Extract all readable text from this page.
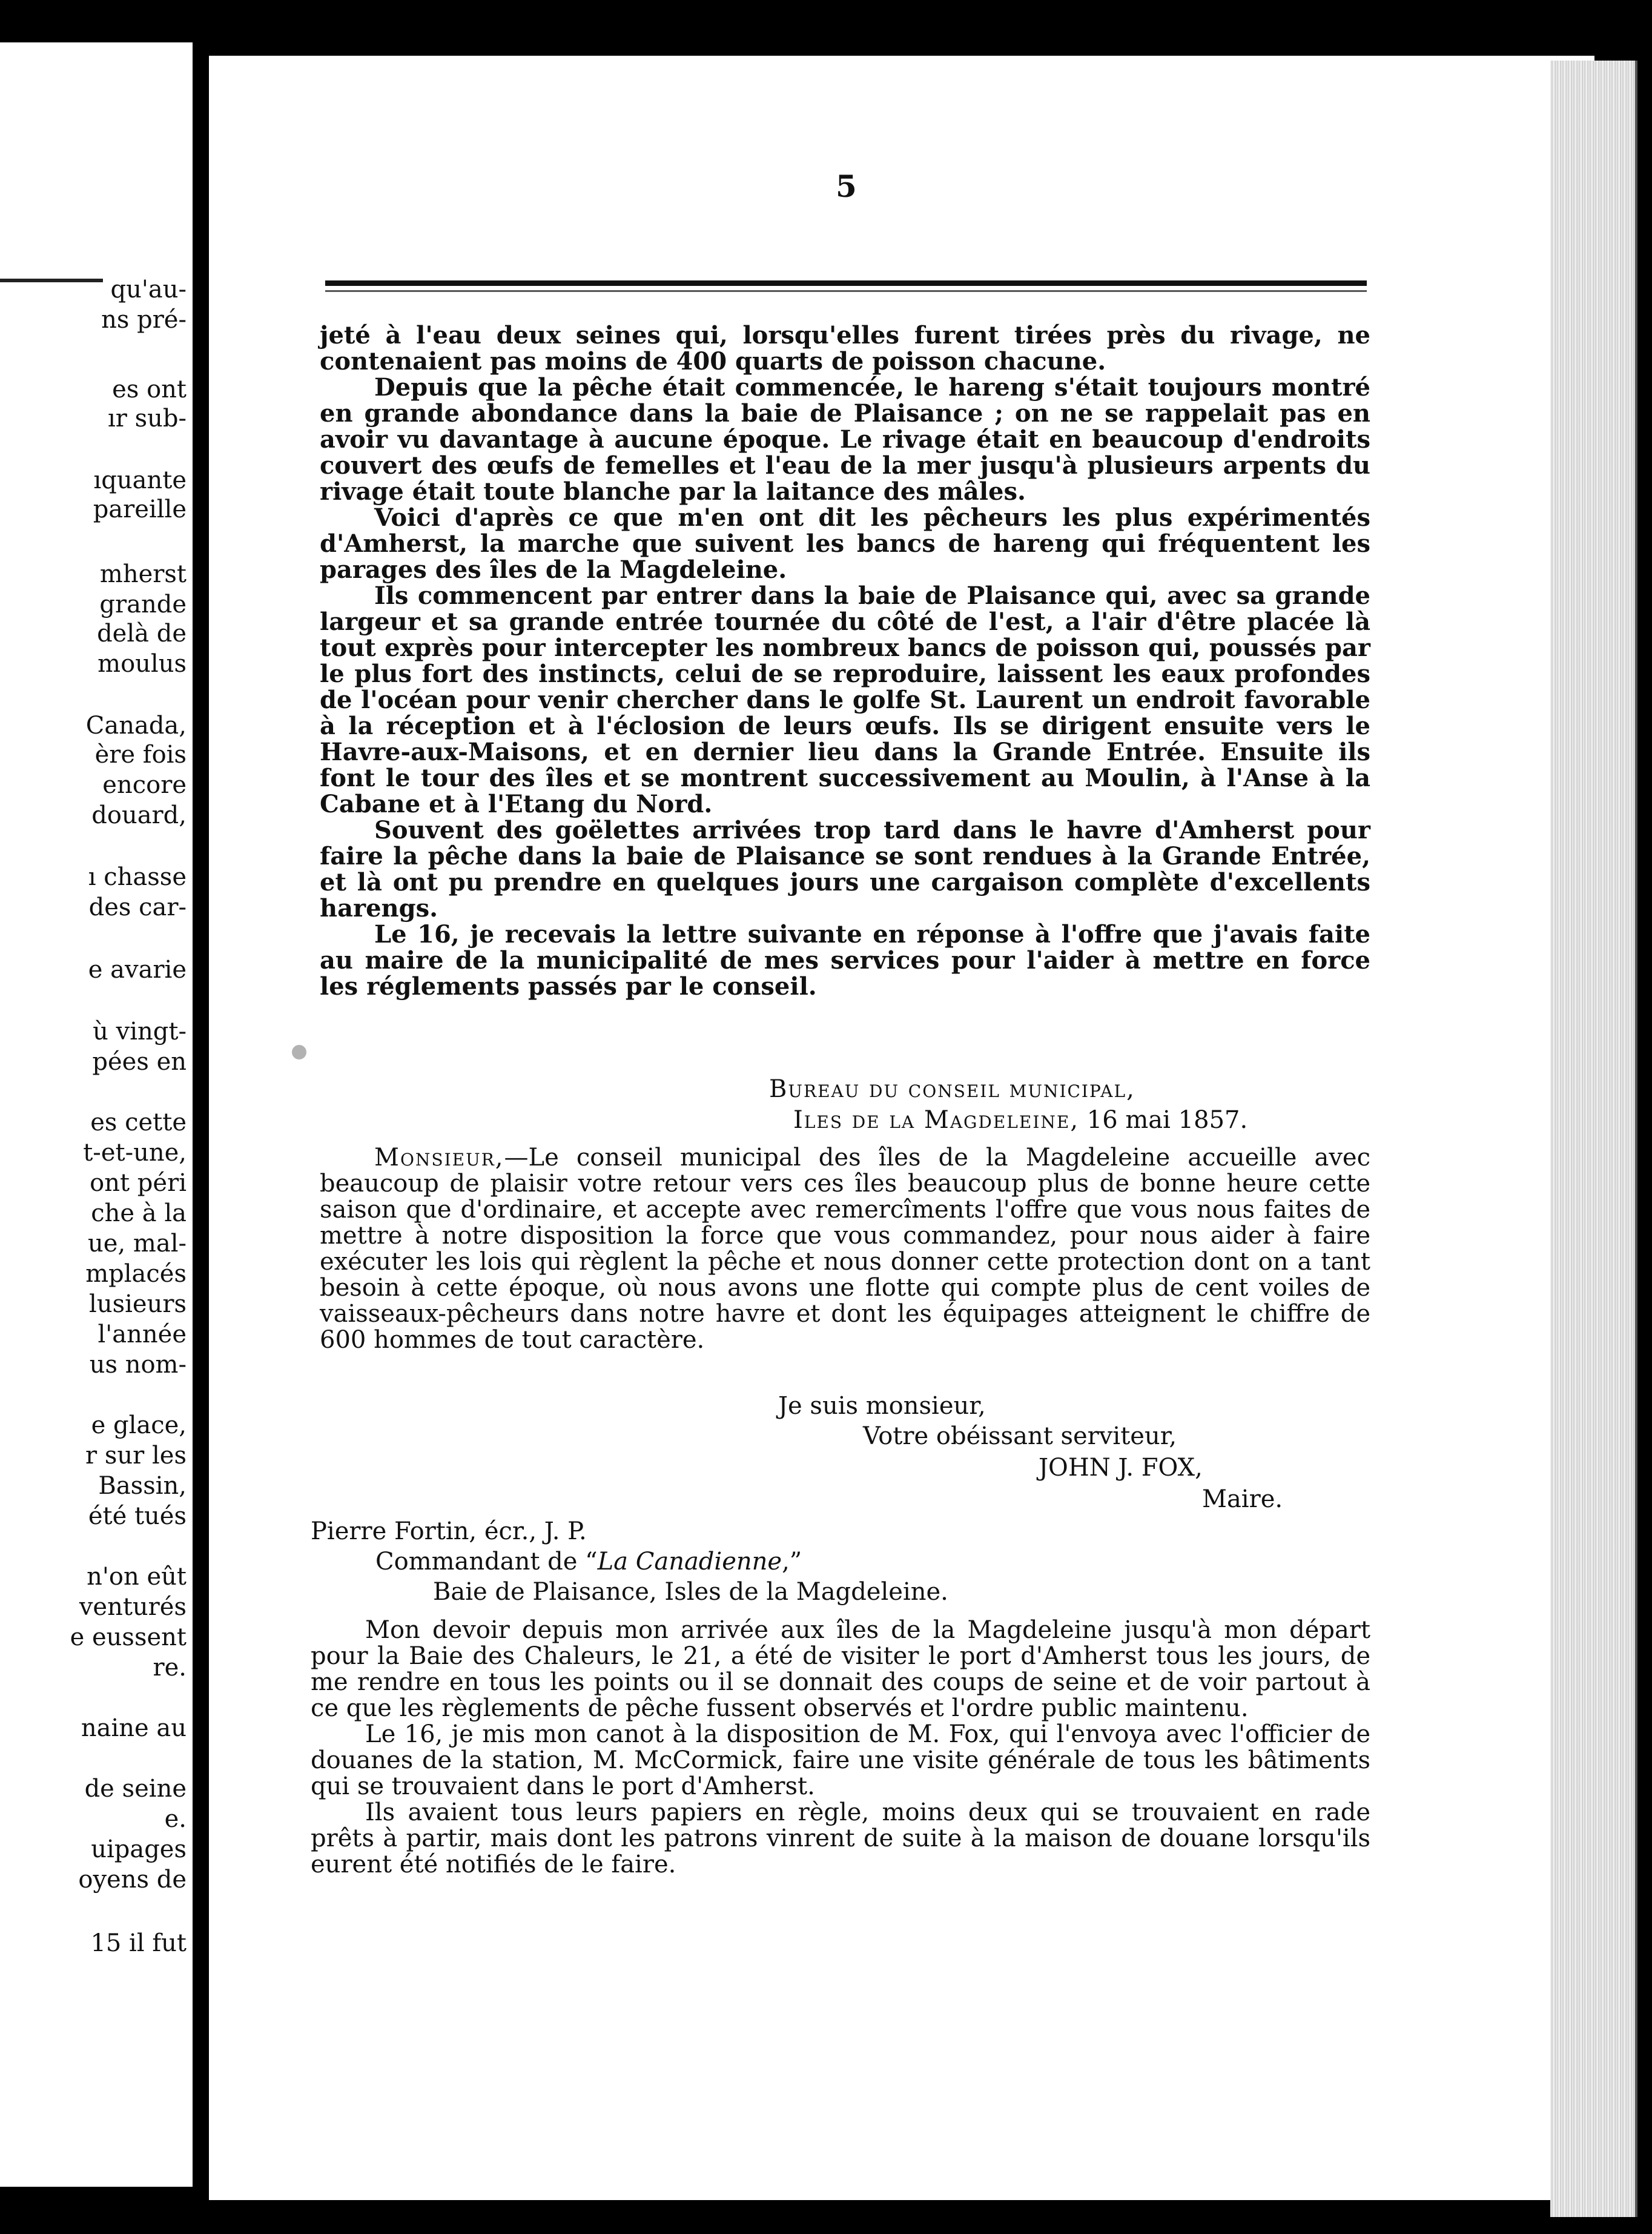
qu'au-
ns pré-
es ont
ır sub-
ıquante
pareille
mherst
grande
delà de
moulus
Canada,
ère fois
encore
douard,
ı chasse
des car-
e avarie
ù vingt-
pées en
es cette
t-et-une,
ont péri
che à la
ue, mal-
mplacés
lusieurs
l'année
us nom-
e glace,
r sur les
Bassin,
été tués
n'on eût
venturés
e eussent
re.
naine au
de seine
e.
uipages
oyens de
15 il fut
5

jeté à l'eau deux seines qui, lorsqu'elles furent tirées près du rivage, ne contenaient pas moins de 400 quarts de poisson chacune.

Depuis que la pêche était commencée, le hareng s'était toujours montré en grande abondance dans la baie de Plaisance ; on ne se rappelait pas en avoir vu davantage à aucune époque. Le rivage était en beaucoup d'endroits couvert des œufs de femelles et l'eau de la mer jusqu'à plusieurs arpents du rivage était toute blanche par la laitance des mâles.

Voici d'après ce que m'en ont dit les pêcheurs les plus expérimentés d'Amherst, la marche que suivent les bancs de hareng qui fréquentent les parages des îles de la Magdeleine.

Ils commencent par entrer dans la baie de Plaisance qui, avec sa grande largeur et sa grande entrée tournée du côté de l'est, a l'air d'être placée là tout exprès pour intercepter les nombreux bancs de poisson qui, poussés par le plus fort des instincts, celui de se reproduire, laissent les eaux profondes de l'océan pour venir chercher dans le golfe St. Laurent un endroit favorable à la réception et à l'éclosion de leurs œufs. Ils se dirigent ensuite vers le Havre-aux-Maisons, et en dernier lieu dans la Grande Entrée. Ensuite ils font le tour des îles et se montrent successivement au Moulin, à l'Anse à la Cabane et à l'Etang du Nord.

Souvent des goëlettes arrivées trop tard dans le havre d'Amherst pour faire la pêche dans la baie de Plaisance se sont rendues à la Grande Entrée, et là ont pu prendre en quelques jours une cargaison complète d'excellents harengs.

Le 16, je recevais la lettre suivante en réponse à l'offre que j'avais faite au maire de la municipalité de mes services pour l'aider à mettre en force les réglements passés par le conseil.

Bureau du conseil municipal,
Iles de la Magdeleine, 16 mai 1857.

Monsieur,—Le conseil municipal des îles de la Magdeleine accueille avec beaucoup de plaisir votre retour vers ces îles beaucoup plus de bonne heure cette saison que d'ordinaire, et accepte avec remercîments l'offre que vous nous faites de mettre à notre disposition la force que vous commandez, pour nous aider à faire exécuter les lois qui règlent la pêche et nous donner cette protection dont on a tant besoin à cette époque, où nous avons une flotte qui compte plus de cent voiles de vaisseaux-pêcheurs dans notre havre et dont les équipages atteignent le chiffre de 600 hommes de tout caractère.

Je suis monsieur,
Votre obéissant serviteur,
JOHN J. FOX,
Maire.
Pierre Fortin, écr., J. P.
Commandant de “La Canadienne,”
Baie de Plaisance, Isles de la Magdeleine.

Mon devoir depuis mon arrivée aux îles de la Magdeleine jusqu'à mon départ pour la Baie des Chaleurs, le 21, a été de visiter le port d'Amherst tous les jours, de me rendre en tous les points ou il se donnait des coups de seine et de voir partout à ce que les règlements de pêche fussent observés et l'ordre public maintenu.

Le 16, je mis mon canot à la disposition de M. Fox, qui l'envoya avec l'officier de douanes de la station, M. McCormick, faire une visite générale de tous les bâtiments qui se trouvaient dans le port d'Amherst.

Ils avaient tous leurs papiers en règle, moins deux qui se trouvaient en rade prêts à partir, mais dont les patrons vinrent de suite à la maison de douane lorsqu'ils eurent été notifiés de le faire.
